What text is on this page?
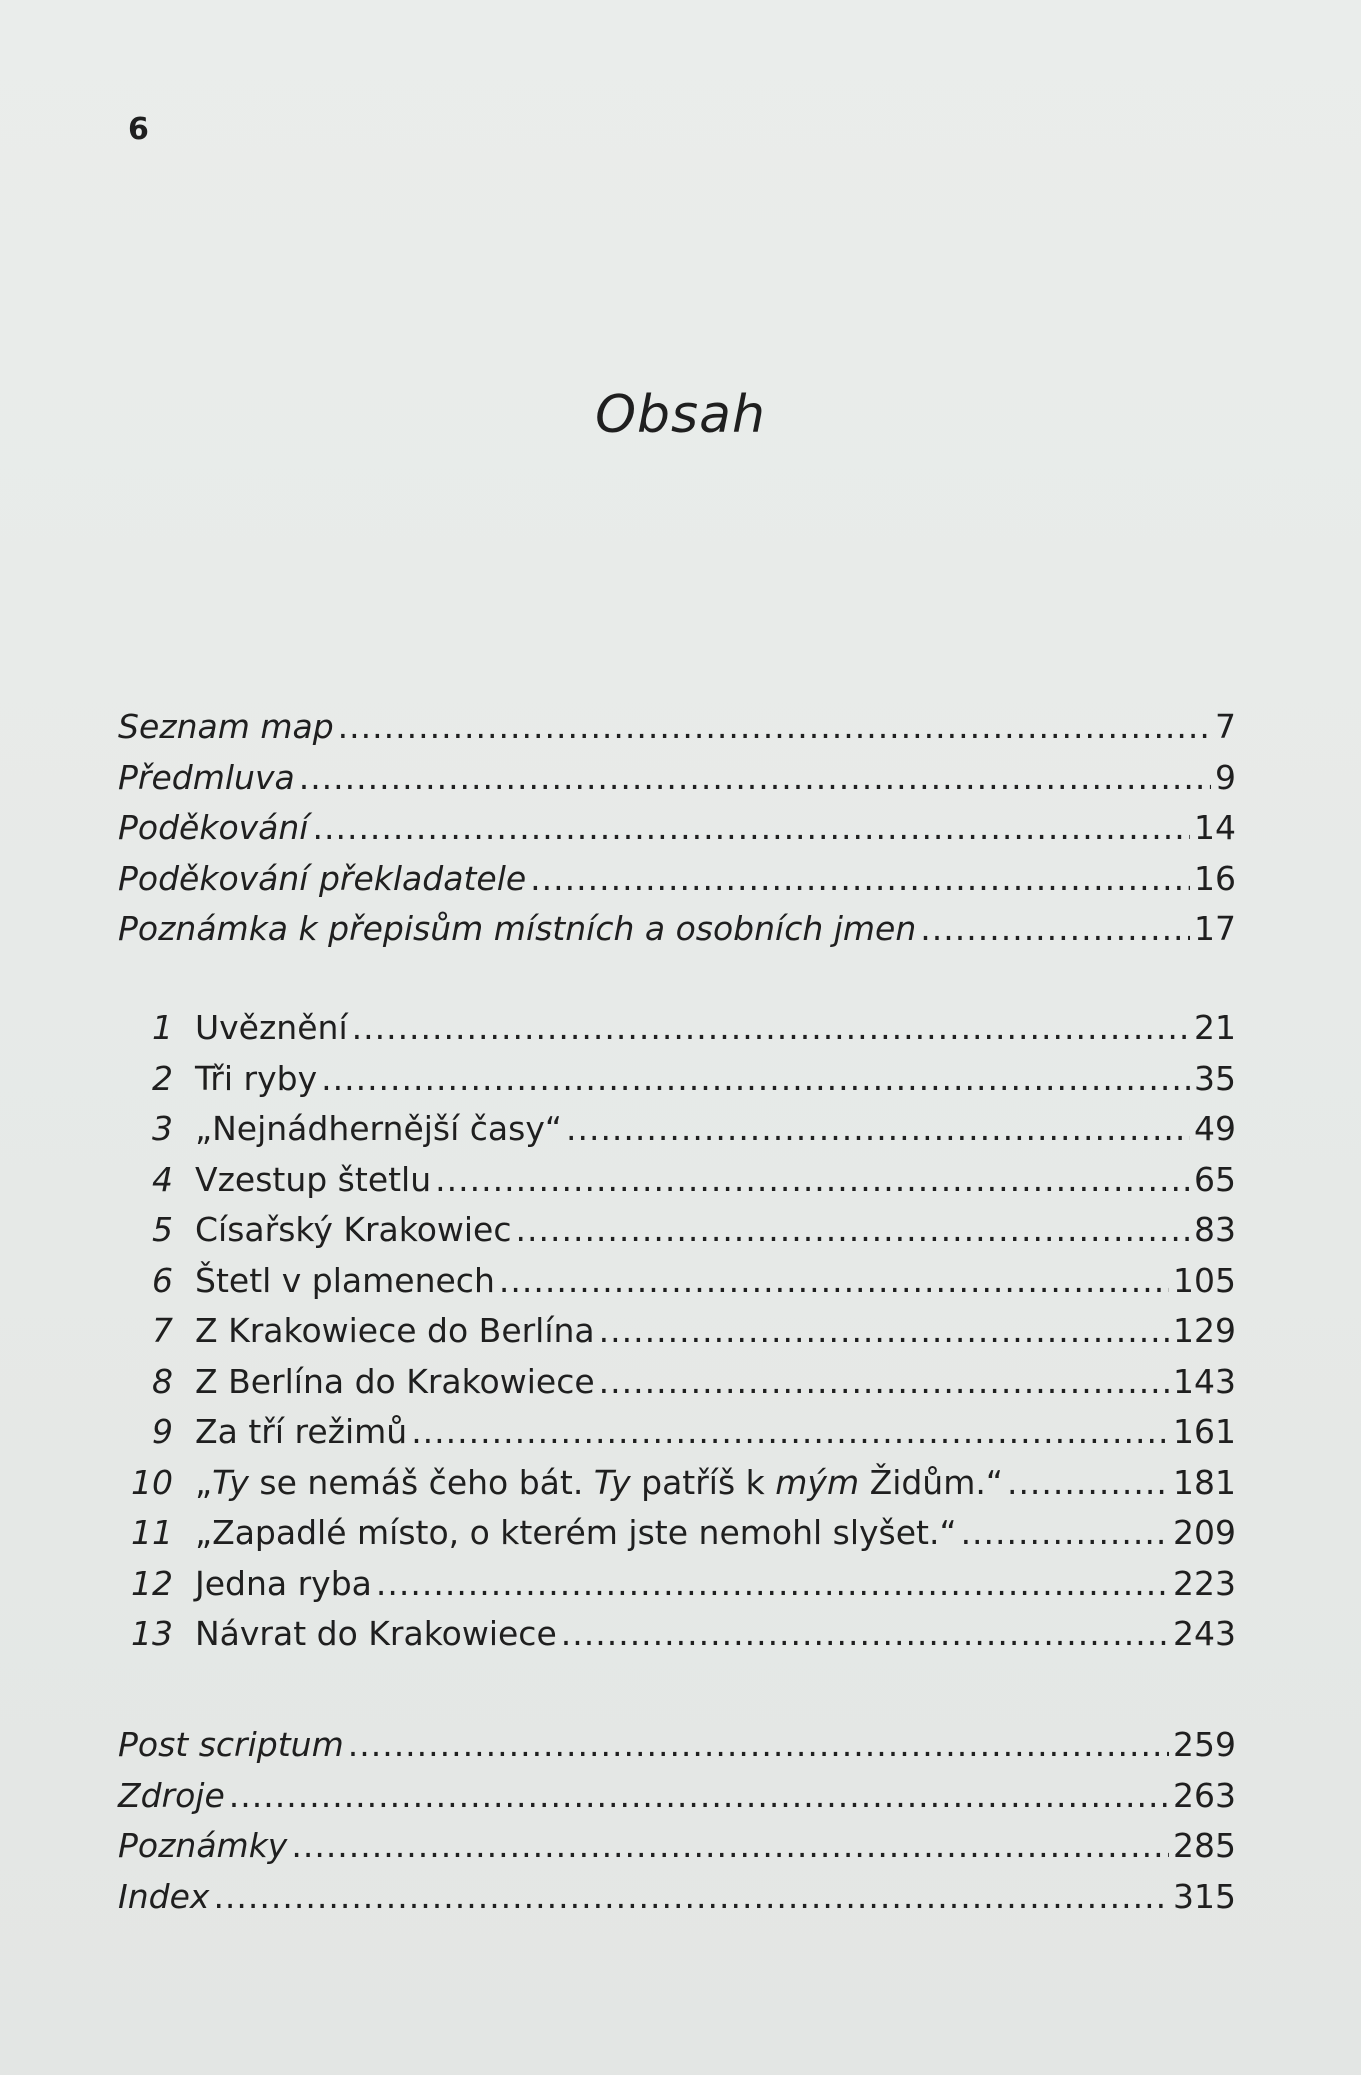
6
Obsah
Seznam map .....	7
Předmluva .....	9
Poděkování .....	14
Poděkování překladatele .....	16
Poznámka k přepisům místních a osobních jmen .....	17
1 Uvěznění .....	21
2 Tři ryby .....	35
3 „Nejnádhernější časy“ .....	49
4 Vzestup štetlu .....	65
5 Císařský Krakowiec .....	83
6 Štetl v plamenech .....	105
7 Z Krakowiece do Berlína .....	129
8 Z Berlína do Krakowiece .....	143
9 Za tří režimů .....	161
10 „Ty se nemáš čeho bát. Ty patříš k mým Židům.“ .....	181
11 „Zapadlé místo, o kterém jste nemohl slyšet.“ .....	209
12 Jedna ryba .....	223
13 Návrat do Krakowiece .....	243
Post scriptum .....	259
Zdroje .....	263
Poznámky .....	285
Index .....	315
